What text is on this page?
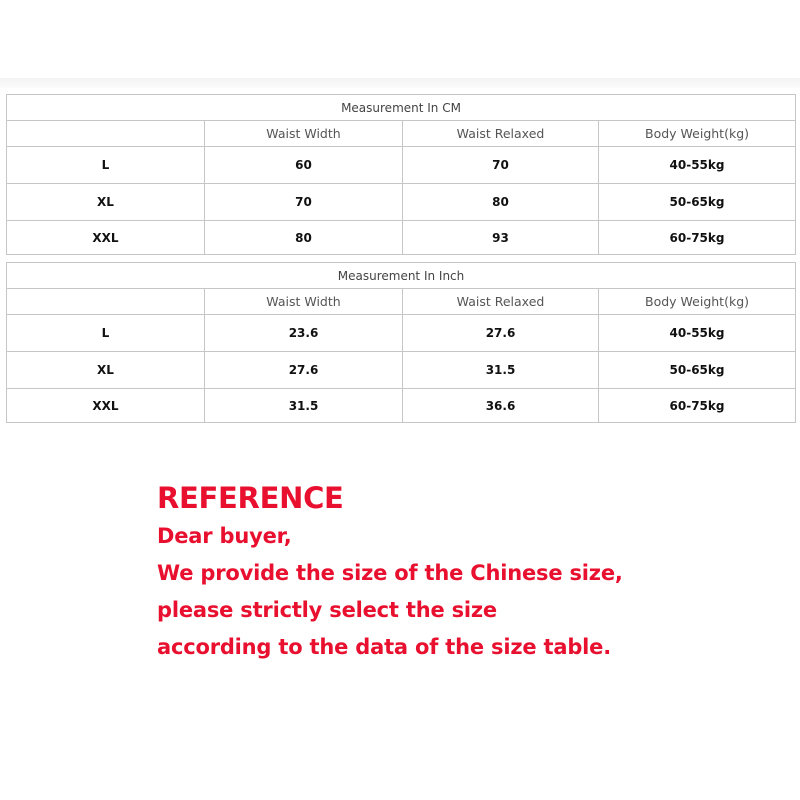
Measurement In CM			
	Waist Width	Waist Relaxed	Body Weight(kg)
L	60	70	40-55kg
XL	70	80	50-65kg
XXL	80	93	60-75kg
Measurement In Inch			
	Waist Width	Waist Relaxed	Body Weight(kg)
L	23.6	27.6	40-55kg
XL	27.6	31.5	50-65kg
XXL	31.5	36.6	60-75kg
REFERENCE
Dear buyer,
We provide the size of the Chinese size,
please strictly select the size
according to the data of the size table.
